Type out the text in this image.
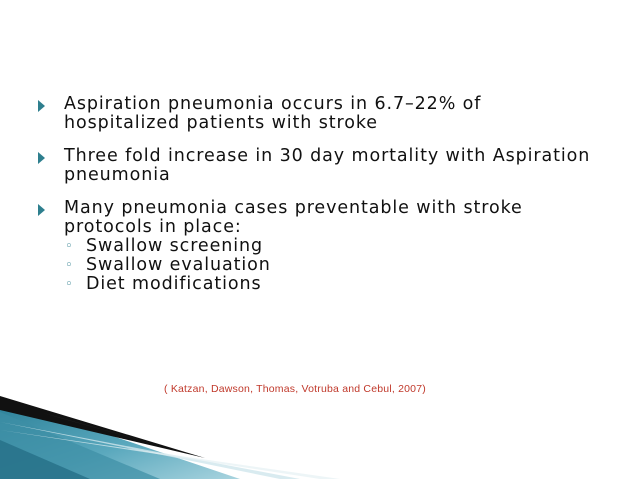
Aspiration pneumonia occurs in 6.7–22% of hospitalized patients with stroke
Three fold increase in 30 day mortality with Aspiration pneumonia
Many pneumonia cases preventable with stroke protocols in place:
◦ Swallow screening
◦ Swallow evaluation
◦ Diet modifications
( Katzan, Dawson, Thomas, Votruba and Cebul, 2007)
